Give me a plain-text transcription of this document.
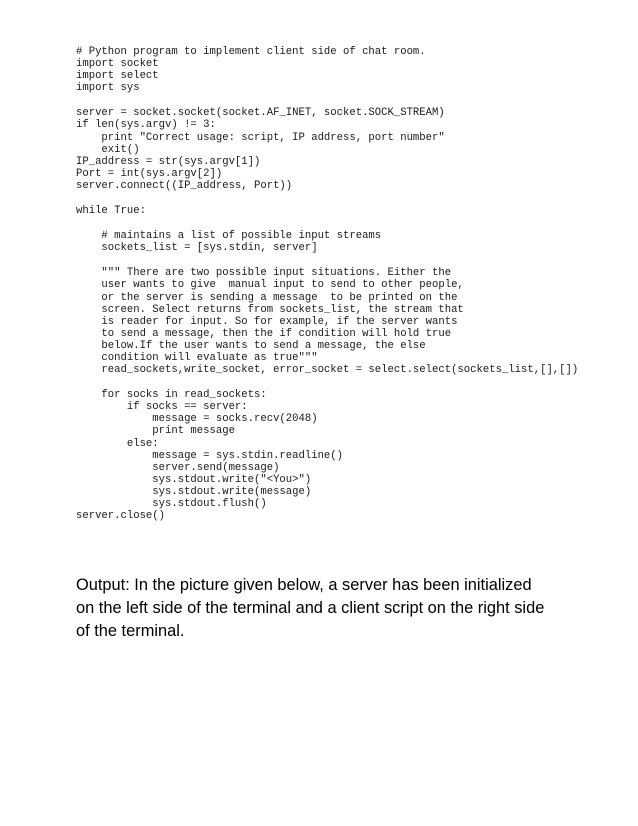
# Python program to implement client side of chat room.
import socket
import select
import sys
server = socket.socket(socket.AF_INET, socket.SOCK_STREAM)
if len(sys.argv) != 3:
print "Correct usage: script, IP address, port number"
exit()
IP_address = str(sys.argv[1])
Port = int(sys.argv[2])
server.connect((IP_address, Port))
while True:
# maintains a list of possible input streams
sockets_list = [sys.stdin, server]
""" There are two possible input situations. Either the
user wants to give  manual input to send to other people,
or the server is sending a message  to be printed on the
screen. Select returns from sockets_list, the stream that
is reader for input. So for example, if the server wants
to send a message, then the if condition will hold true
below.If the user wants to send a message, the else
condition will evaluate as true"""
read_sockets,write_socket, error_socket = select.select(sockets_list,[],[])
for socks in read_sockets:
if socks == server:
message = socks.recv(2048)
print message
else:
message = sys.stdin.readline()
server.send(message)
sys.stdout.write("<You>")
sys.stdout.write(message)
sys.stdout.flush()
server.close()
Output: In the picture given below, a server has been initialized
on the left side of the terminal and a client script on the right side
of the terminal.
